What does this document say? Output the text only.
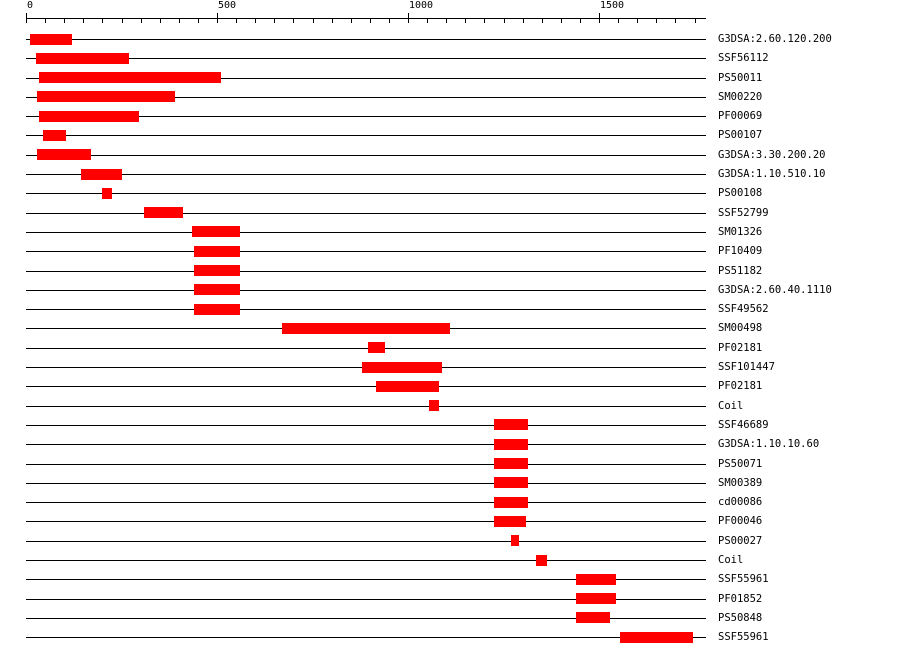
0	500	1000	1500
G3DSA:2.60.120.200
SSF56112
PS50011
SM00220
PF00069
PS00107
G3DSA:3.30.200.20
G3DSA:1.10.510.10
PS00108
SSF52799
SM01326
PF10409
PS51182
G3DSA:2.60.40.1110
SSF49562
SM00498
PF02181
SSF101447
PF02181
Coil
SSF46689
G3DSA:1.10.10.60
PS50071
SM00389
cd00086
PF00046
PS00027
Coil
SSF55961
PF01852
PS50848
SSF55961
